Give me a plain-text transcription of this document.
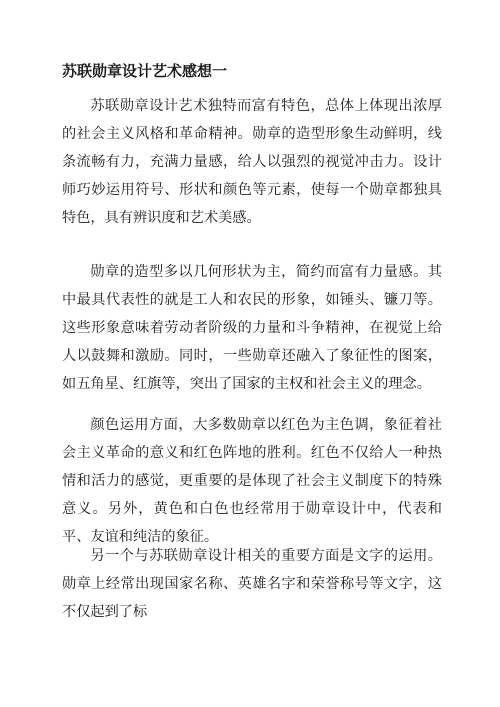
苏联勋章设计艺术感想一

苏联勋章设计艺术独特而富有特色，总体上体现出浓厚的社会主义风格和革命精神。勋章的造型形象生动鲜明，线条流畅有力，充满力量感，给人以强烈的视觉冲击力。设计师巧妙运用符号、形状和颜色等元素，使每一个勋章都独具特色，具有辨识度和艺术美感。

勋章的造型多以几何形状为主，简约而富有力量感。其中最具代表性的就是工人和农民的形象，如锤头、镰刀等。这些形象意味着劳动者阶级的力量和斗争精神，在视觉上给人以鼓舞和激励。同时，一些勋章还融入了象征性的图案，如五角星、红旗等，突出了国家的主权和社会主义的理念。

颜色运用方面，大多数勋章以红色为主色调，象征着社会主义革命的意义和红色阵地的胜利。红色不仅给人一种热情和活力的感觉，更重要的是体现了社会主义制度下的特殊意义。另外，黄色和白色也经常用于勋章设计中，代表和平、友谊和纯洁的象征。

另一个与苏联勋章设计相关的重要方面是文字的运用。勋章上经常出现国家名称、英雄名字和荣誉称号等文字，这不仅起到了标
